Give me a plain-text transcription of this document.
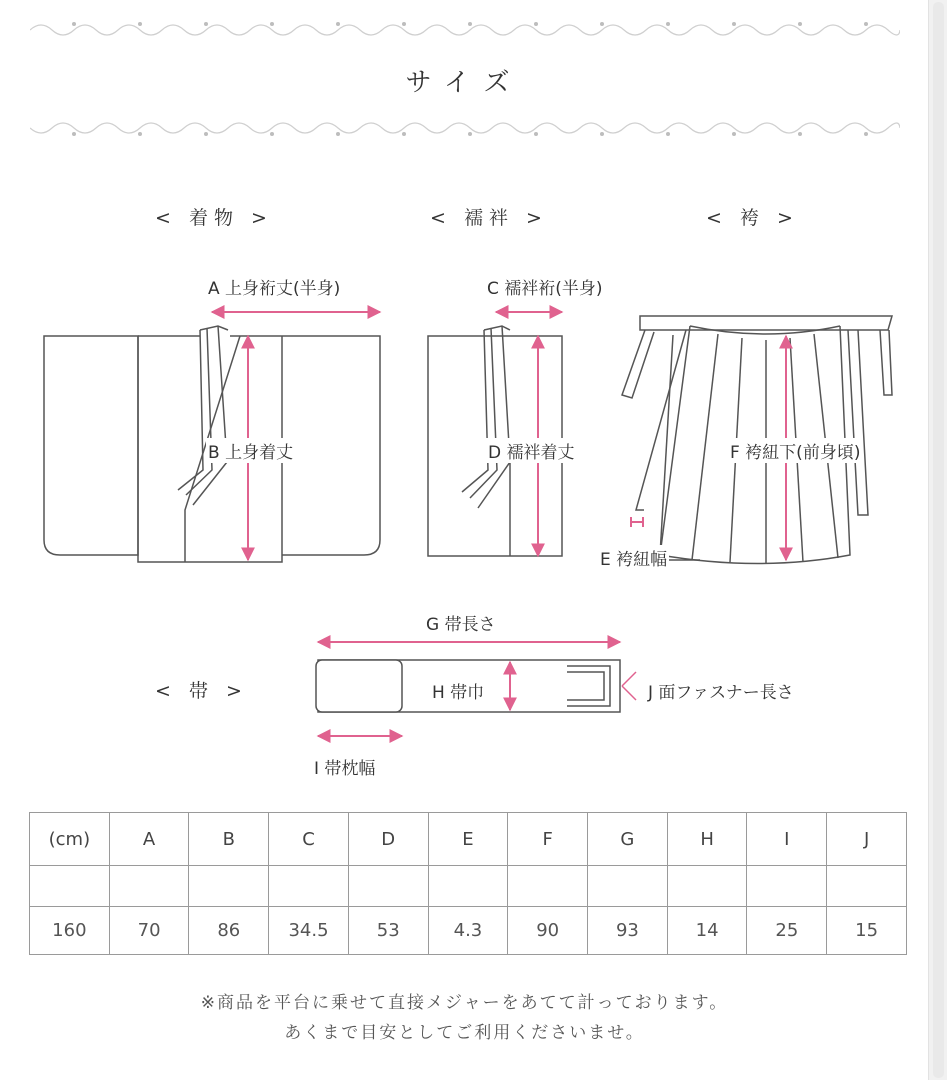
サイズ
< 着物 >	< 襦袢 >	< 袴 >
< 帯 >
A 上身裄丈(半身)
B 上身着丈
C 襦袢裄(半身)
D 襦袢着丈
E 袴紐幅
F 袴紐下(前身頃)
G 帯長さ
H 帯巾
I 帯枕幅
J 面ファスナー長さ
(cm)	A	B	C	D	E	F	G	H	I	J

160	70	86	34.5	53	4.3	90	93	14	25	15
※商品を平台に乗せて直接メジャーをあてて計っております。
あくまで目安としてご利用くださいませ。
